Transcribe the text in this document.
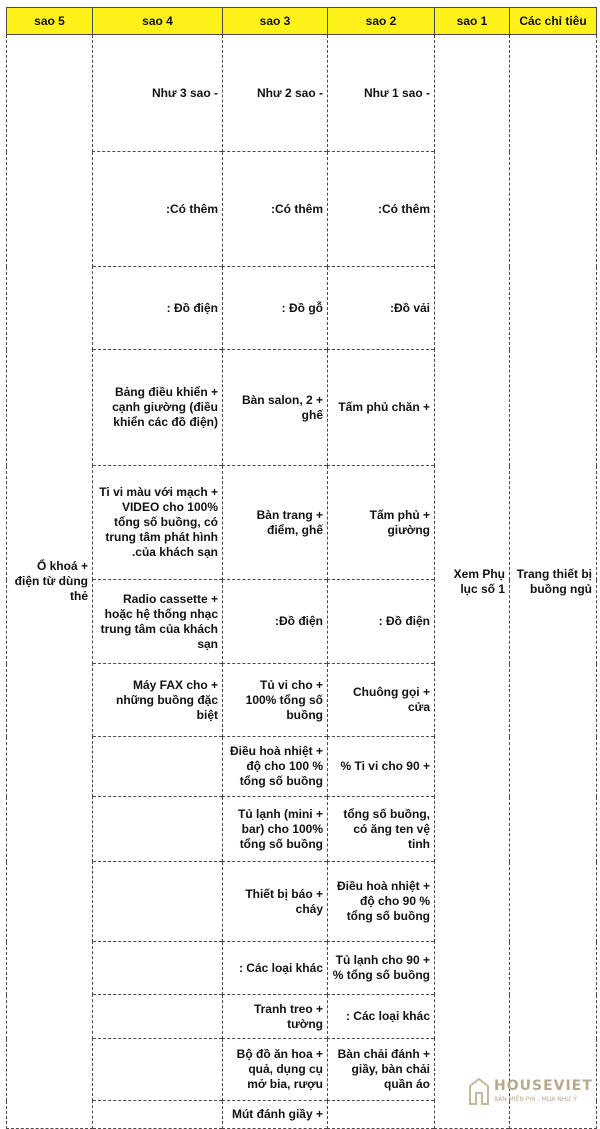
Các chỉ tiêu	1 sao	2 sao	3 sao	4 sao	5 sao
Trang thiết bị buồng ngủ	Xem Phụ lục số 1	- Như 1 sao	- Như 2 sao	- Như 3 sao	+ Ổ khoá điện từ dùng thẻ
		Có thêm:	Có thêm:	Có thêm:	
		Đồ vải:	Đồ gỗ :	Đồ điện :	
		+ Tấm phủ chăn	+ Bàn salon, 2 ghế	+ Bảng điều khiển cạnh giường (điều khiển các đồ điện)	
		+ Tấm phủ giường	+ Bàn trang điểm, ghế	+ Ti vi màu với mạch VIDEO cho 100% tổng số buồng, có trung tâm phát hình của khách sạn.	
		Đồ điện :	Đồ điện:	+ Radio cassette hoặc hệ thống nhạc trung tâm của khách sạn	
		+ Chuông gọi cửa	+ Tủ vi cho 100% tổng số buồng	+ Máy FAX cho những buồng đặc biệt	
		+ Ti vi cho 90 %	+ Điều hoà nhiệt độ cho 100 % tổng số buồng		
		tổng số buồng, có ăng ten vệ tinh	+ Tủ lạnh (mini bar) cho 100% tổng số buồng		
		+ Điều hoà nhiệt độ cho 90 % tổng số buồng	+ Thiết bị báo cháy		
		+ Tủ lạnh cho 90 % tổng số buồng	Các loại khác :		
		Các loại khác :	+ Tranh treo tường		
		+ Bàn chải đánh giầy, bàn chải quần áo	+ Bộ đồ ăn hoa quả, dụng cụ mở bia, rượu		
			+ Mút đánh giầy		
HOUSEVIET
BẢN MIỄN PHÍ - MUA NHƯ Ý
